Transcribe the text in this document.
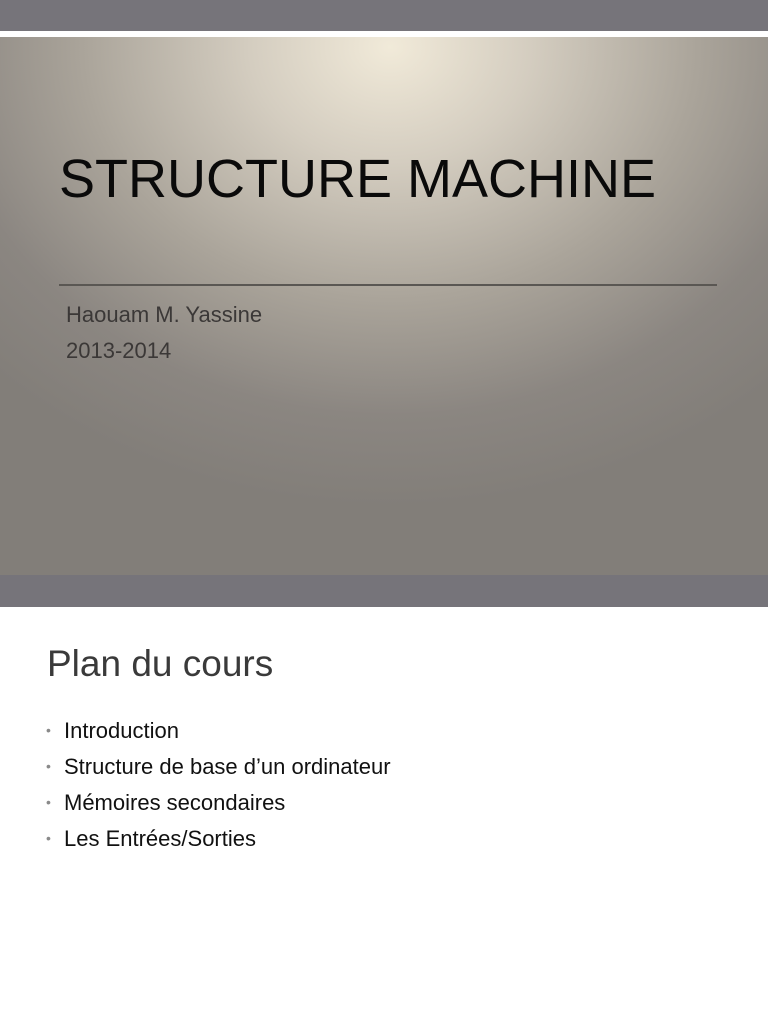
STRUCTURE MACHINE

Haouam M. Yassine

2013-2014

Plan du cours
• Introduction
• Structure de base d’un ordinateur
• Mémoires secondaires
• Les Entrées/Sorties
